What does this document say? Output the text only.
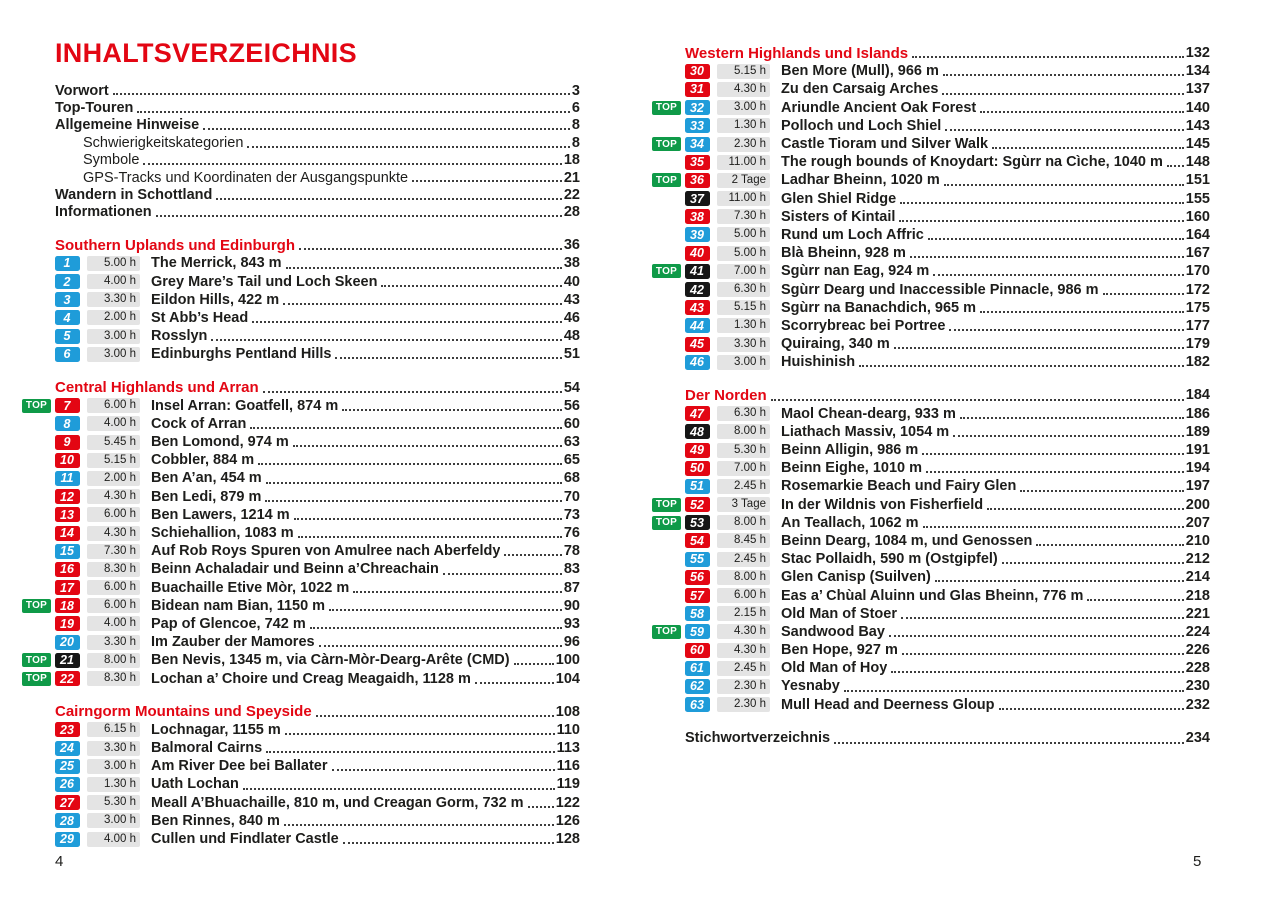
INHALTSVERZEICHNIS
Vorwort	3
Top-Touren	6
Allgemeine Hinweise	8
Schwierigkeitskategorien	8
Symbole	18
GPS-Tracks und Koordinaten der Ausgangspunkte	21
Wandern in Schottland	22
Informationen	28
Southern Uplands und Edinburgh	36
1	5.00 h The Merrick, 843 m	38
2	4.00 h Grey Mare’s Tail und Loch Skeen	40
3	3.30 h Eildon Hills, 422 m	43
4	2.00 h St Abb’s Head	46
5	3.00 h Rosslyn	48
6	3.00 h Edinburghs Pentland Hills	51
Central Highlands und Arran	54
TOP	7	6.00 h Insel Arran: Goatfell, 874 m	56
8	4.00 h Cock of Arran	60
9	5.45 h Ben Lomond, 974 m	63
10	5.15 h Cobbler, 884 m	65
11	2.00 h Ben A’an, 454 m	68
12	4.30 h Ben Ledi, 879 m	70
13	6.00 h Ben Lawers, 1214 m	73
14	4.30 h Schiehallion, 1083 m	76
15	7.30 h Auf Rob Roys Spuren von Amulree nach Aberfeldy	78
16	8.30 h Beinn Achaladair und Beinn a’Chreachain	83
17	6.00 h Buachaille Etive Mòr, 1022 m	87
TOP	18	6.00 h Bidean nam Bian, 1150 m	90
19	4.00 h Pap of Glencoe, 742 m	93
20	3.30 h Im Zauber der Mamores	96
TOP	21	8.00 h Ben Nevis, 1345 m, via Càrn-Mòr-Dearg-Arête (CMD)	100
TOP	22	8.30 h Lochan a’ Choire und Creag Meagaidh, 1128 m	104
Cairngorm Mountains und Speyside	108
23	6.15 h Lochnagar, 1155 m	110
24	3.30 h Balmoral Cairns	113
25	3.00 h Am River Dee bei Ballater	116
26	1.30 h Uath Lochan	119
27	5.30 h Meall A’Bhuachaille, 810 m, und Creagan Gorm, 732 m 122
28	3.00 h Ben Rinnes, 840 m	126
29	4.00 h Cullen und Findlater Castle	128
Western Highlands und Islands	132
30	5.15 h Ben More (Mull), 966 m	134
31	4.30 h Zu den Carsaig Arches	137
TOP	32	3.00 h Ariundle Ancient Oak Forest	140
33	1.30 h Polloch und Loch Shiel	143
TOP	34	2.30 h Castle Tioram und Silver Walk	145
35	11.00 h The rough bounds of Knoydart: Sgùrr na Cìche, 1040 m 148
TOP	36	2 Tage Ladhar Bheinn, 1020 m	151
37	11.00 h Glen Shiel Ridge	155
38	7.30 h Sisters of Kintail	160
39	5.00 h Rund um Loch Affric	164
40	5.00 h Blà Bheinn, 928 m	167
TOP	41	7.00 h Sgùrr nan Eag, 924 m	170
42	6.30 h Sgùrr Dearg und Inaccessible Pinnacle, 986 m	172
43	5.15 h Sgùrr na Banachdich, 965 m	175
44	1.30 h Scorrybreac bei Portree	177
45	3.30 h Quiraing, 340 m	179
46	3.00 h Huishinish	182
Der Norden	184
47	6.30 h Maol Chean-dearg, 933 m	186
48	8.00 h Liathach Massiv, 1054 m	189
49	5.30 h Beinn Alligin, 986 m	191
50	7.00 h Beinn Eighe, 1010 m	194
51	2.45 h Rosemarkie Beach und Fairy Glen	197
TOP	52	3 Tage In der Wildnis von Fisherfield	200
TOP	53	8.00 h An Teallach, 1062 m	207
54	8.45 h Beinn Dearg, 1084 m, und Genossen	210
55	2.45 h Stac Pollaidh, 590 m (Ostgipfel)	212
56	8.00 h Glen Canisp (Suilven)	214
57	6.00 h Eas a’ Chùal Aluinn und Glas Bheinn, 776 m	218
58	2.15 h Old Man of Stoer	221
TOP	59	4.30 h Sandwood Bay	224
60	4.30 h Ben Hope, 927 m	226
61	2.45 h Old Man of Hoy	228
62	2.30 h Yesnaby	230
63	2.30 h Mull Head and Deerness Gloup	232
Stichwortverzeichnis	234
4	5
